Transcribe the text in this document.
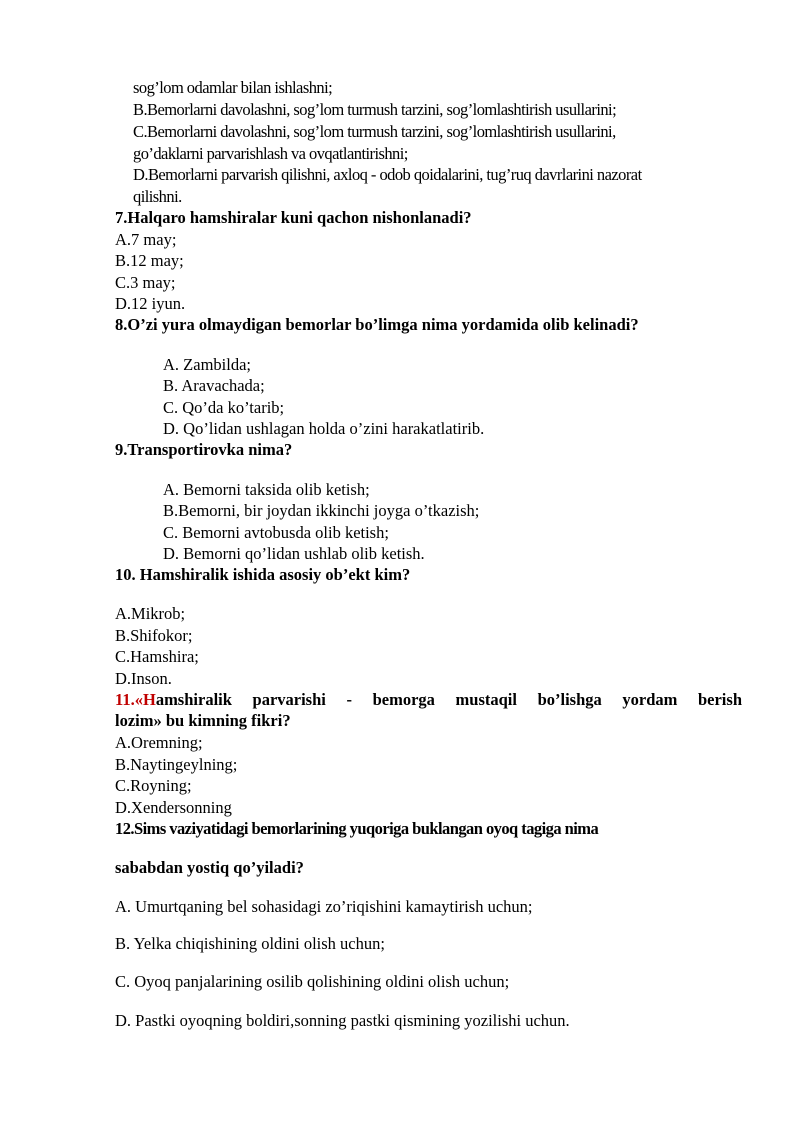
sog’lom odamlar bilan ishlashni;
B.Bemorlarni davolashni, sog’lom turmush tarzini, sog’lomlashtirish usullarini;
C.Bemorlarni davolashni, sog’lom turmush tarzini, sog’lomlashtirish usullarini,
go’daklarni parvarishlash va ovqatlantirishni;
D.Bemorlarni parvarish qilishni, axloq - odob qoidalarini, tug’ruq davrlarini nazorat
qilishni.
7.Halqaro hamshiralar kuni qachon nishonlanadi?
A.7 may;
B.12 may;
C.3 may;
D.12 iyun.
8.O’zi yura olmaydigan bemorlar bo’limga nima yordamida olib kelinadi?
A. Zambilda;
B. Aravachada;
C. Qo’da ko’tarib;
D. Qo’lidan ushlagan holda o’zini harakatlatirib.
9.Transportirovka nima?
A. Bemorni taksida olib ketish;
B.Bemorni, bir joydan ikkinchi joyga o’tkazish;
C. Bemorni avtobusda olib ketish;
D. Bemorni qo’lidan ushlab olib ketish.
10. Hamshiralik ishida asosiy ob’ekt kim?
A.Mikrob;
B.Shifokor;
C.Hamshira;
D.Inson.
11.«Hamshiralik parvarishi - bemorga mustaqil bo’lishga yordam berish
lozim» bu kimning fikri?
A.Oremning;
B.Naytingeylning;
C.Royning;
D.Xendersonning
12.Sims vaziyatidagi bemorlarining yuqoriga buklangan oyoq tagiga nima
sababdan yostiq qo’yiladi?
A. Umurtqaning bel sohasidagi zo’riqishini kamaytirish uchun;
B. Yelka chiqishining oldini olish uchun;
C. Oyoq panjalarining osilib qolishining oldini olish uchun;
D. Pastki oyoqning boldiri,sonning pastki qismining yozilishi uchun.
